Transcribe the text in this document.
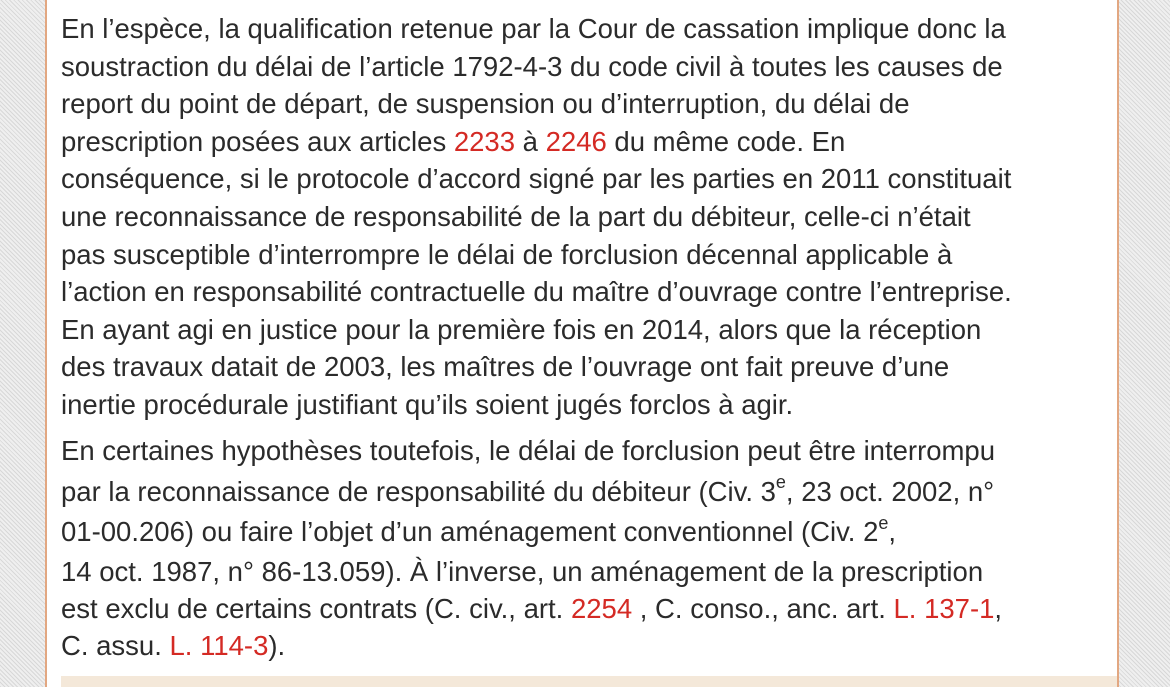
En l’espèce, la qualification retenue par la Cour de cassation implique donc la
soustraction du délai de l’article 1792-4-3 du code civil à toutes les causes de
report du point de départ, de suspension ou d’interruption, du délai de
prescription posées aux articles 2233 à 2246 du même code. En
conséquence, si le protocole d’accord signé par les parties en 2011 constituait
une reconnaissance de responsabilité de la part du débiteur, celle-ci n’était
pas susceptible d’interrompre le délai de forclusion décennal applicable à
l’action en responsabilité contractuelle du maître d’ouvrage contre l’entreprise.
En ayant agi en justice pour la première fois en 2014, alors que la réception
des travaux datait de 2003, les maîtres de l’ouvrage ont fait preuve d’une
inertie procédurale justifiant qu’ils soient jugés forclos à agir.
En certaines hypothèses toutefois, le délai de forclusion peut être interrompu
par la reconnaissance de responsabilité du débiteur (Civ. 3e, 23 oct. 2002, n°
01-00.206) ou faire l’objet d’un aménagement conventionnel (Civ. 2e,
14 oct. 1987, n° 86-13.059). À l’inverse, un aménagement de la prescription
est exclu de certains contrats (C. civ., art. 2254 , C. conso., anc. art. L. 137-1,
C. assu. L. 114-3).
